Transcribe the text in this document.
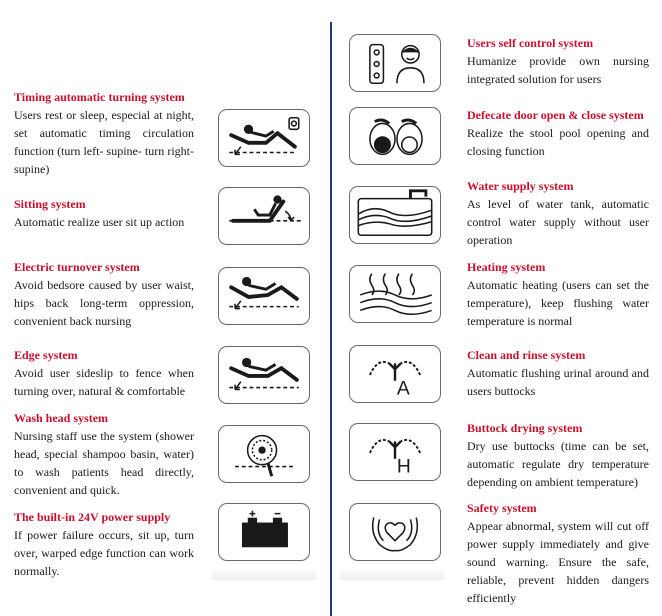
Timing automatic turning system
Users rest or sleep, especial at night, set automatic timing circulation function (turn left- supine- turn right- supine)
Sitting system
Automatic realize user sit up action
Electric turnover system
Avoid bedsore caused by user waist, hips back long-term oppression, convenient back nursing
Edge system
Avoid user sideslip to fence when turning over, natural & comfortable
Wash head system
Nursing staff use the system (shower head, special shampoo basin, water) to wash patients head directly, convenient and quick.
The built-in 24V power supply
If power failure occurs, sit up, turn over, warped edge function can work normally.
Users self control system
Humanize provide own nursing integrated solution for users
Defecate door open & close system
Realize the stool pool opening and closing function
Water supply system
As level of water tank, automatic control water supply without user operation
Heating system
Automatic heating (users can set the temperature), keep flushing water temperature is normal
Clean and rinse system
Automatic flushing urinal around and users buttocks
Buttock drying system
Dry use buttocks (time can be set, automatic regulate dry temperature depending on ambient temperature)
Safety system
Appear abnormal, system will cut off power supply immediately and give sound warning. Ensure the safe, reliable, prevent hidden dangers efficiently
A
H
